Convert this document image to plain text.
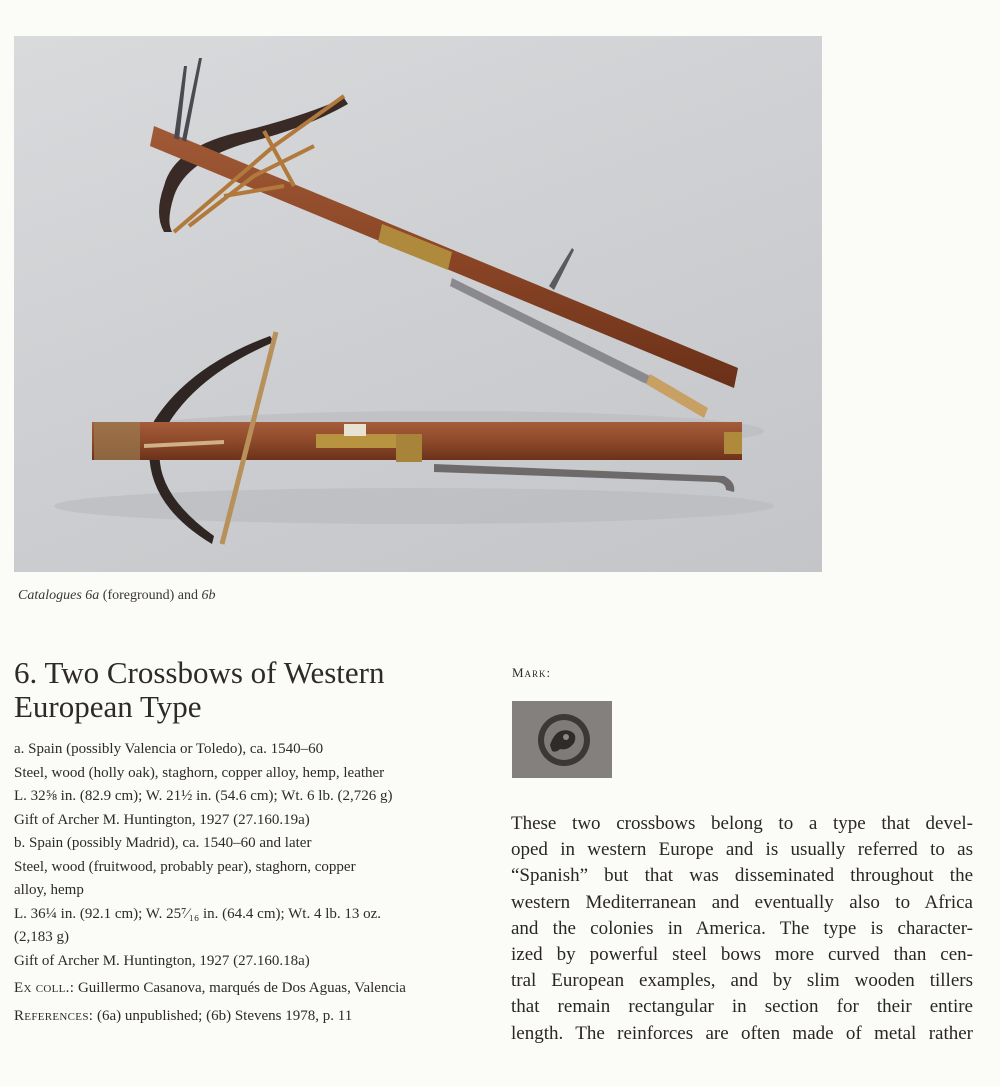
Catalogues 6a (foreground) and 6b
6. Two Crossbows of Western
European Type
a. Spain (possibly Valencia or Toledo), ca. 1540–60
Steel, wood (holly oak), staghorn, copper alloy, hemp, leather
L. 32⅝ in. (82.9 cm); W. 21½ in. (54.6 cm); Wt. 6 lb. (2,726 g)
Gift of Archer M. Huntington, 1927 (27.160.19a)
b. Spain (possibly Madrid), ca. 1540–60 and later
Steel, wood (fruitwood, probably pear), staghorn, copper
alloy, hemp
L. 36¼ in. (92.1 cm); W. 25⁷⁄₁₆ in. (64.4 cm); Wt. 4 lb. 13 oz.
(2,183 g)
Gift of Archer M. Huntington, 1927 (27.160.18a)
Ex coll.: Guillermo Casanova, marqués de Dos Aguas, Valencia
References: (6a) unpublished; (6b) Stevens 1978, p. 11
Mark:
These two crossbows belong to a type that devel-
oped in western Europe and is usually referred to as
“Spanish” but that was disseminated throughout the
western Mediterranean and eventually also to Africa
and the colonies in America. The type is character-
ized by powerful steel bows more curved than cen-
tral European examples, and by slim wooden tillers
that remain rectangular in section for their entire
length. The reinforces are often made of metal rather
